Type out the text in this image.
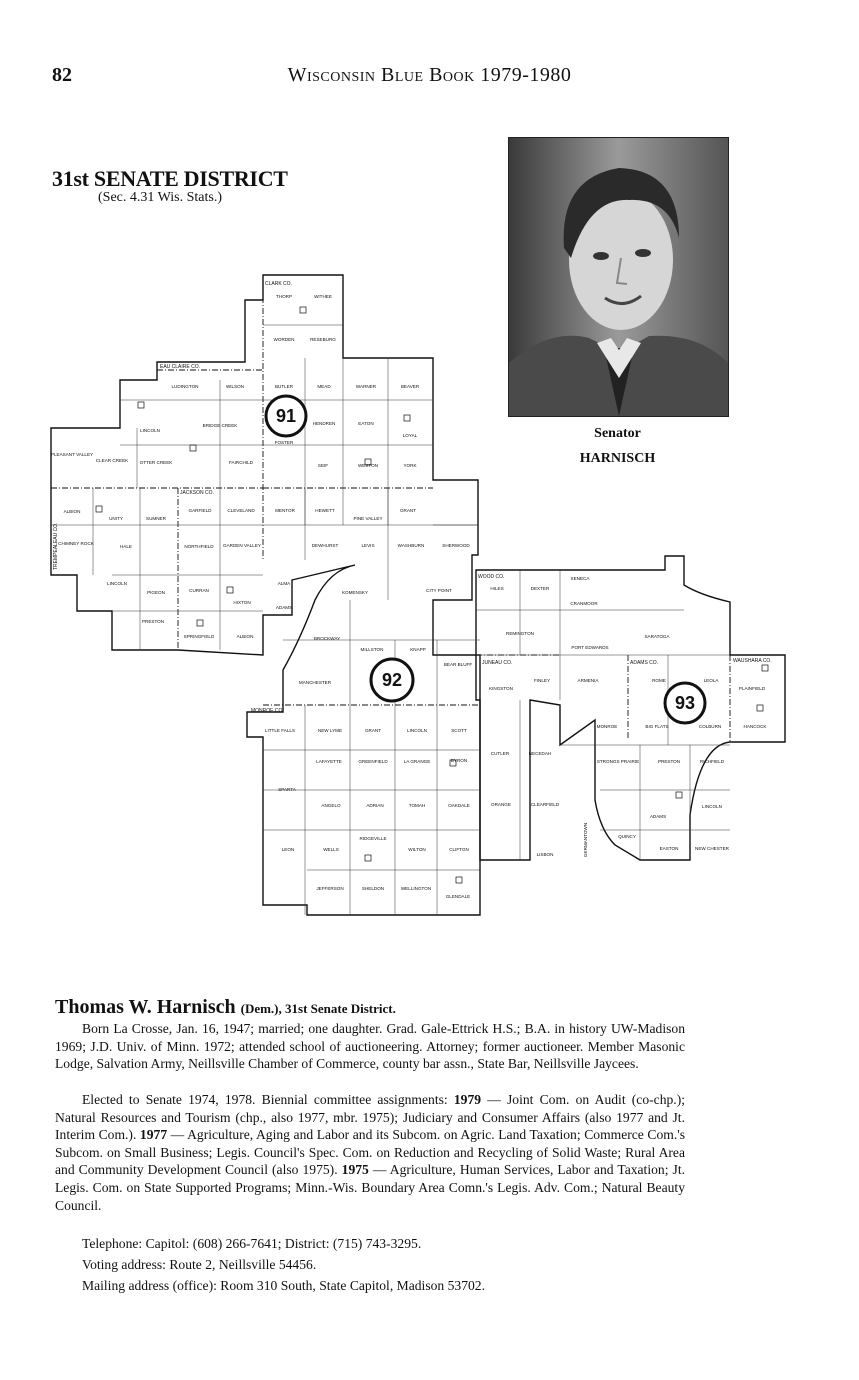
82	Wisconsin Blue Book 1979-1980
31st SENATE DISTRICT
(Sec. 4.31 Wis. Stats.)
Senator
HARNISCH
CLARK CO.
EAU CLAIRE CO.
JACKSON CO.
TREMPEALEAU CO.
MONROE CO.
WOOD CO.
JUNEAU CO.	ADAMS CO.	WAUSHARA CO.
91
92
93
THORP	WITHEE
WORDEN	RESEBURG
LUDINGTON	WILSON	BUTLER	MEAD	WARNER	BEAVER
LINCOLN
BRIDGE CREEK	HENDREN	EATON
LOYAL
FOSTER
PLEASANT VALLEY
CLEAR CREEK OTTER CREEK	FAIRCHILD
SEIF	WESTON	YORK
ALBION
UNITY	SUMNER
GARFIELD	CLEVELAND	MENTOR	HEWETT
PINE VALLEY
GRANT
CHIMNEY ROCK
HALE	NORTHFIELD GARDEN VALLEY	DEWHURST	LEVIS	WASHBURN	SHERWOOD
LINCOLN
PIGEON	CURRAN
HIXTON
ALMA
KOMENSKY	CITY POINT	HILES	DEXTER
SENECA
CRANMOOR
ADAMS
PRESTON
SPRINGFIELD	ALBION	BROCKWAY
REMINGTON
SARATOGA
PORT EDWARDS
MILLSTON	KNAPP
BEAR BLUFF
MANCHESTER
KINGSTON
FINLEY	ARMENIA	ROME	LEOLA
PLAINFIELD
LITTLE FALLS	NEW LYME	GRANT	LINCOLN	SCOTT
MONROE	BIG FLATS	COLBURN	HANCOCK
LAFAYETTE	GREENFIELD	LA GRANGE	BYRON
CUTLER	NECEDAH
STRONGS PRAIRIE	PRESTON	RICHFIELD
SPARTA
ANGELO	ADRIAN	TOMAH	OAKDALE	ORANGE	CLEARFIELD
GERMANTOWN
ADAMS
LINCOLN
LEON	WELLS
RIDGEVILLE
WILTON	CLIFTON
LISBON
QUINCY
EASTON	NEW CHESTER
JEFFERSON	SHELDON	WELLINGTON
GLENDALE
Thomas W. Harnisch (Dem.), 31st Senate District.
Born La Crosse, Jan. 16, 1947; married; one daughter. Grad. Gale-Ettrick H.S.; B.A. in history UW-Madison 1969; J.D. Univ. of Minn. 1972; attended school of auctioneering. Attorney; former auctioneer. Member Masonic Lodge, Salvation Army, Neillsville Chamber of Commerce, county bar assn., State Bar, Neillsville Jaycees.
Elected to Senate 1974, 1978. Biennial committee assignments: 1979 — Joint Com. on Audit (co-chp.); Natural Resources and Tourism (chp., also 1977, mbr. 1975); Judiciary and Consumer Affairs (also 1977 and Jt. Interim Com.). 1977 — Agriculture, Aging and Labor and its Subcom. on Agric. Land Taxation; Commerce Com.'s Subcom. on Small Business; Legis. Council's Spec. Com. on Reduction and Recycling of Solid Waste; Rural Area and Community Development Council (also 1975). 1975 — Agriculture, Human Services, Labor and Taxation; Jt. Legis. Com. on State Supported Programs; Minn.-Wis. Boundary Area Comn.'s Legis. Adv. Com.; Natural Beauty Council.
Telephone: Capitol: (608) 266-7641; District: (715) 743-3295.
Voting address: Route 2, Neillsville 54456.
Mailing address (office): Room 310 South, State Capitol, Madison 53702.
